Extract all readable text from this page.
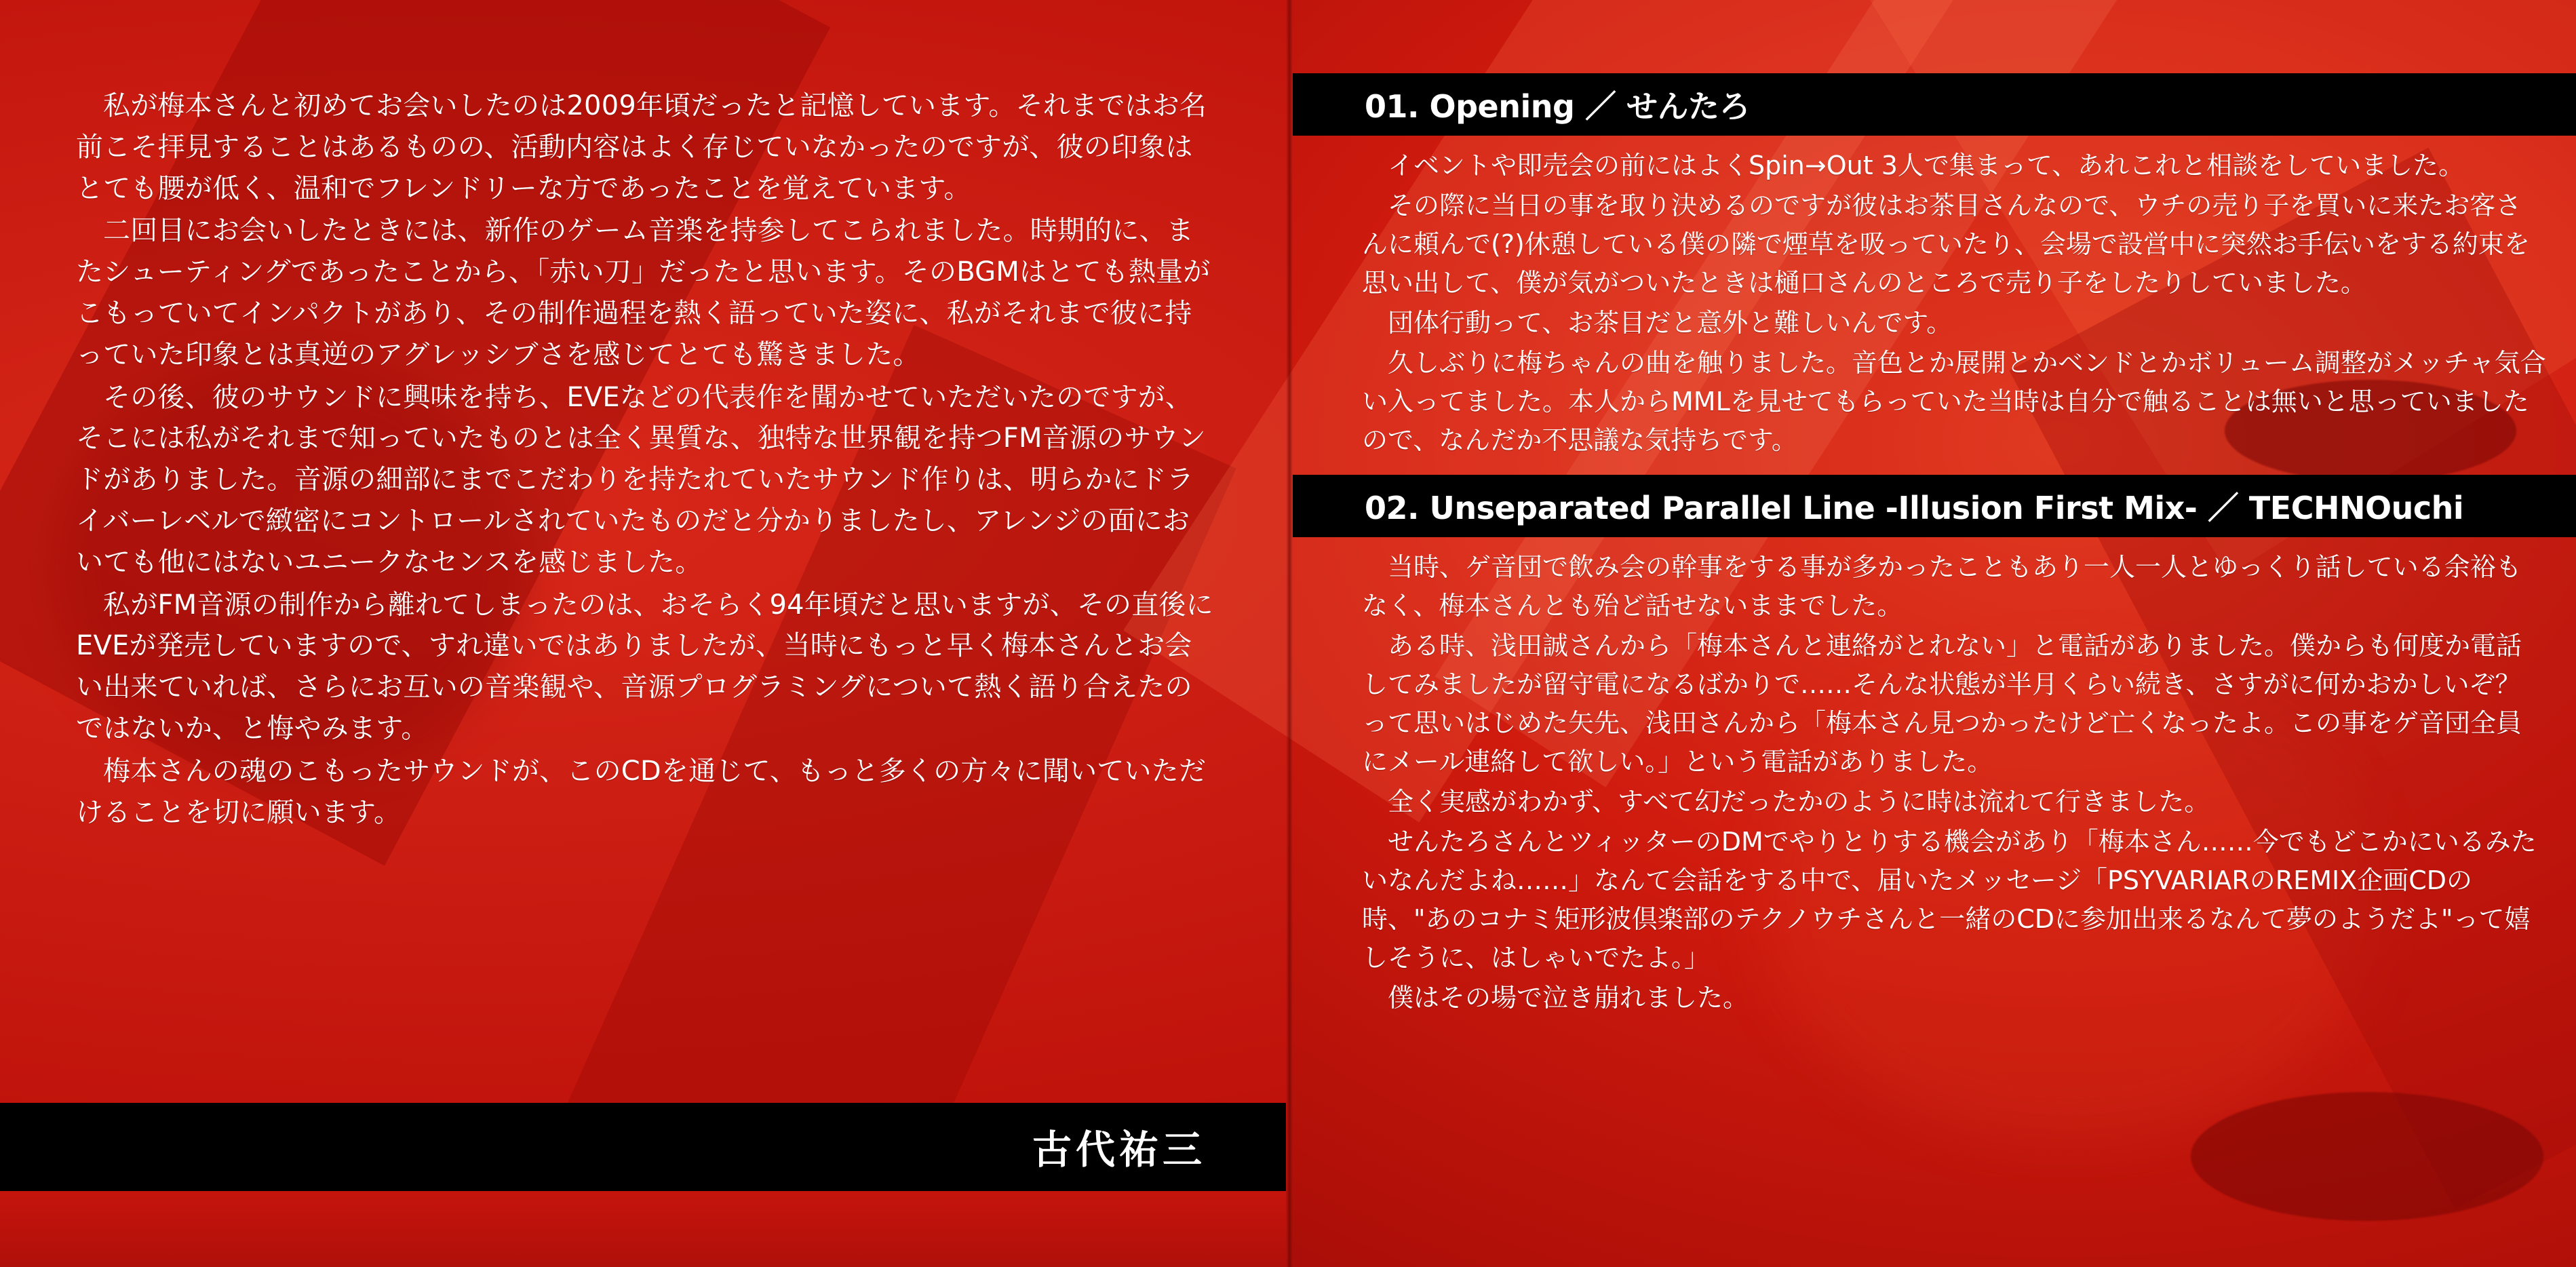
私が梅本さんと初めてお会いしたのは2009年頃だったと記憶しています。それまではお名前こそ拝見することはあるものの、活動内容はよく存じていなかったのですが、彼の印象はとても腰が低く、温和でフレンドリーな方であったことを覚えています。

二回目にお会いしたときには、新作のゲーム音楽を持参してこられました。時期的に、またシューティングであったことから、「赤い刀」だったと思います。そのBGMはとても熱量がこもっていてインパクトがあり、その制作過程を熱く語っていた姿に、私がそれまで彼に持っていた印象とは真逆のアグレッシブさを感じてとても驚きました。

その後、彼のサウンドに興味を持ち、EVEなどの代表作を聞かせていただいたのですが、そこには私がそれまで知っていたものとは全く異質な、独特な世界観を持つFM音源のサウンドがありました。音源の細部にまでこだわりを持たれていたサウンド作りは、明らかにドライバーレベルで緻密にコントロールされていたものだと分かりましたし、アレンジの面においても他にはないユニークなセンスを感じました。

私がFM音源の制作から離れてしまったのは、おそらく94年頃だと思いますが、その直後にEVEが発売していますので、すれ違いではありましたが、当時にもっと早く梅本さんとお会い出来ていれば、さらにお互いの音楽観や、音源プログラミングについて熱く語り合えたのではないか、と悔やみます。

梅本さんの魂のこもったサウンドが、このCDを通じて、もっと多くの方々に聞いていただけることを切に願います。

古代祐三
01. Opening ／ せんたろ

イベントや即売会の前にはよくSpin→Out 3人で集まって、あれこれと相談をしていました。

その際に当日の事を取り決めるのですが彼はお茶目さんなので、ウチの売り子を買いに来たお客さんに頼んで(?)休憩している僕の隣で煙草を吸っていたり、会場で設営中に突然お手伝いをする約束を思い出して、僕が気がついたときは樋口さんのところで売り子をしたりしていました。

団体行動って、お茶目だと意外と難しいんです。

久しぶりに梅ちゃんの曲を触りました。音色とか展開とかベンドとかボリューム調整がメッチャ気合い入ってました。本人からMMLを見せてもらっていた当時は自分で触ることは無いと思っていましたので、なんだか不思議な気持ちです。

02. Unseparated Parallel Line -Illusion First Mix- ／ TECHNOuchi

当時、ゲ音団で飲み会の幹事をする事が多かったこともあり一人一人とゆっくり話している余裕もなく、梅本さんとも殆ど話せないままでした。

ある時、浅田誠さんから「梅本さんと連絡がとれない」と電話がありました。僕からも何度か電話してみましたが留守電になるばかりで……そんな状態が半月くらい続き、さすがに何かおかしいぞ？ って思いはじめた矢先、浅田さんから「梅本さん見つかったけど亡くなったよ。この事をゲ音団全員にメール連絡して欲しい。」という電話がありました。

全く実感がわかず、すべて幻だったかのように時は流れて行きました。

せんたろさんとツィッターのDMでやりとりする機会があり「梅本さん……今でもどこかにいるみたいなんだよね……」なんて会話をする中で、届いたメッセージ「PSYVARIARのREMIX企画CDの時、"あのコナミ矩形波倶楽部のテクノウチさんと一緒のCDに参加出来るなんて夢のようだよ"って嬉しそうに、はしゃいでたよ。」

僕はその場で泣き崩れました。
